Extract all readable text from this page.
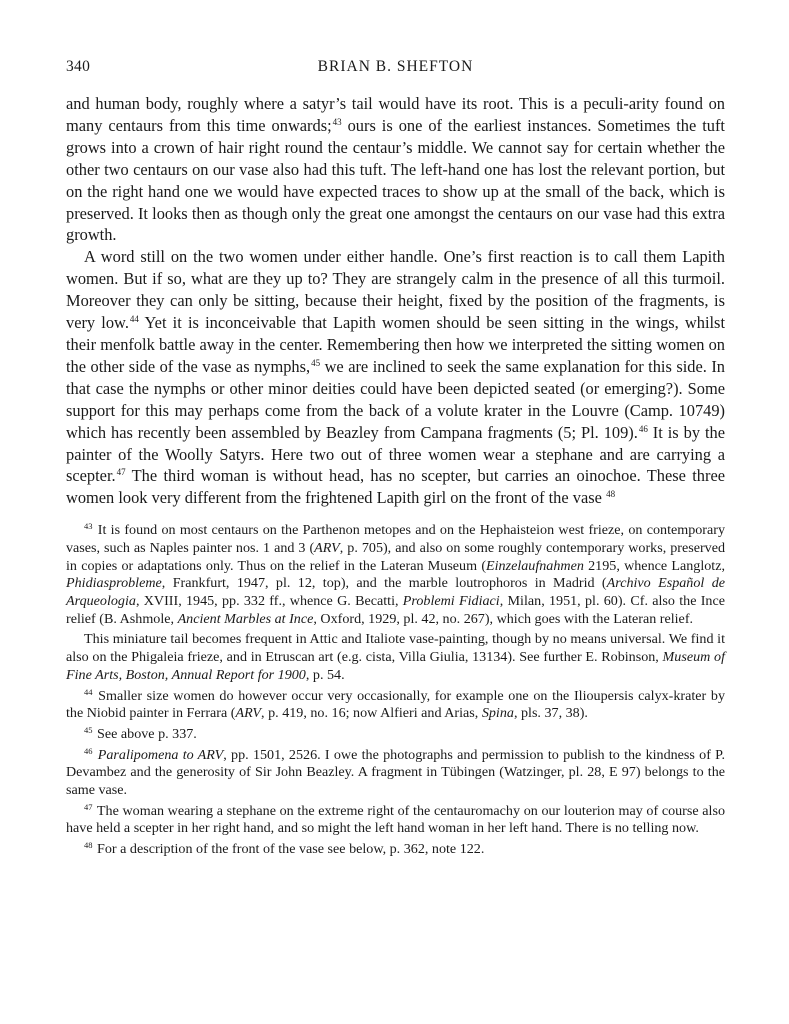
340	BRIAN B. SHEFTON

and human body, roughly where a satyr’s tail would have its root. This is a peculi-arity found on many centaurs from this time onwards;$^{43}$ ours is one of the earliest instances. Sometimes the tuft grows into a crown of hair right round the centaur’s middle. We cannot say for certain whether the other two centaurs on our vase also had this tuft. The left-hand one has lost the relevant portion, but on the right hand one we would have expected traces to show up at the small of the back, which is preserved. It looks then as though only the great one amongst the centaurs on our vase had this extra growth.

A word still on the two women under either handle. One’s first reaction is to call them Lapith women. But if so, what are they up to? They are strangely calm in the presence of all this turmoil. Moreover they can only be sitting, because their height, fixed by the position of the fragments, is very low.$^{44}$ Yet it is inconceivable that Lapith women should be seen sitting in the wings, whilst their menfolk battle away in the center. Remembering then how we interpreted the sitting women on the other side of the vase as nymphs,$^{45}$ we are inclined to seek the same explanation for this side. In that case the nymphs or other minor deities could have been depicted seated (or emerging?). Some support for this may perhaps come from the back of a volute krater in the Louvre (Camp. 10749) which has recently been assembled by Beazley from Campana fragments (5; Pl. 109).$^{46}$ It is by the painter of the Woolly Satyrs. Here two out of three women wear a stephane and are carrying a scepter.$^{47}$ The third woman is without head, has no scepter, but carries an oinochoe. These three women look very different from the frightened Lapith girl on the front of the vase  $^{48}$

$^{43}$ It is found on most centaurs on the Parthenon metopes and on the Hephaisteion west frieze, on contemporary vases, such as Naples painter nos. 1 and 3 (ARV, p. 705), and also on some roughly contemporary works, preserved in copies or adaptations only. Thus on the relief in the Lateran Museum (Einzelaufnahmen 2195, whence Langlotz, Phidiasprobleme, Frankfurt, 1947, pl. 12, top), and the marble loutrophoros in Madrid (Archivo Español de Arqueologia, XVIII, 1945, pp. 332 ff., whence G. Becatti, Problemi Fidiaci, Milan, 1951, pl. 60). Cf. also the Ince relief (B. Ashmole, Ancient Marbles at Ince, Oxford, 1929, pl. 42, no. 267), which goes with the Lateran relief.

This miniature tail becomes frequent in Attic and Italiote vase-painting, though by no means universal. We find it also on the Phigaleia frieze, and in Etruscan art (e.g. cista, Villa Giulia, 13134). See further E. Robinson, Museum of Fine Arts, Boston, Annual Report for 1900, p. 54.

$^{44}$ Smaller size women do however occur very occasionally, for example one on the Ilioupersis calyx-krater by the Niobid painter in Ferrara (ARV, p. 419, no. 16; now Alfieri and Arias, Spina, pls. 37, 38).

$^{45}$ See above p. 337.

$^{46}$ Paralipomena to ARV, pp. 1501, 2526. I owe the photographs and permission to publish to the kindness of P. Devambez and the generosity of Sir John Beazley. A fragment in Tübingen (Watzinger, pl. 28, E 97) belongs to the same vase.

$^{47}$ The woman wearing a stephane on the extreme right of the centauromachy on our louterion may of course also have held a scepter in her right hand, and so might the left hand woman in her left hand. There is no telling now.

$^{48}$ For a description of the front of the vase see below, p. 362, note 122.
